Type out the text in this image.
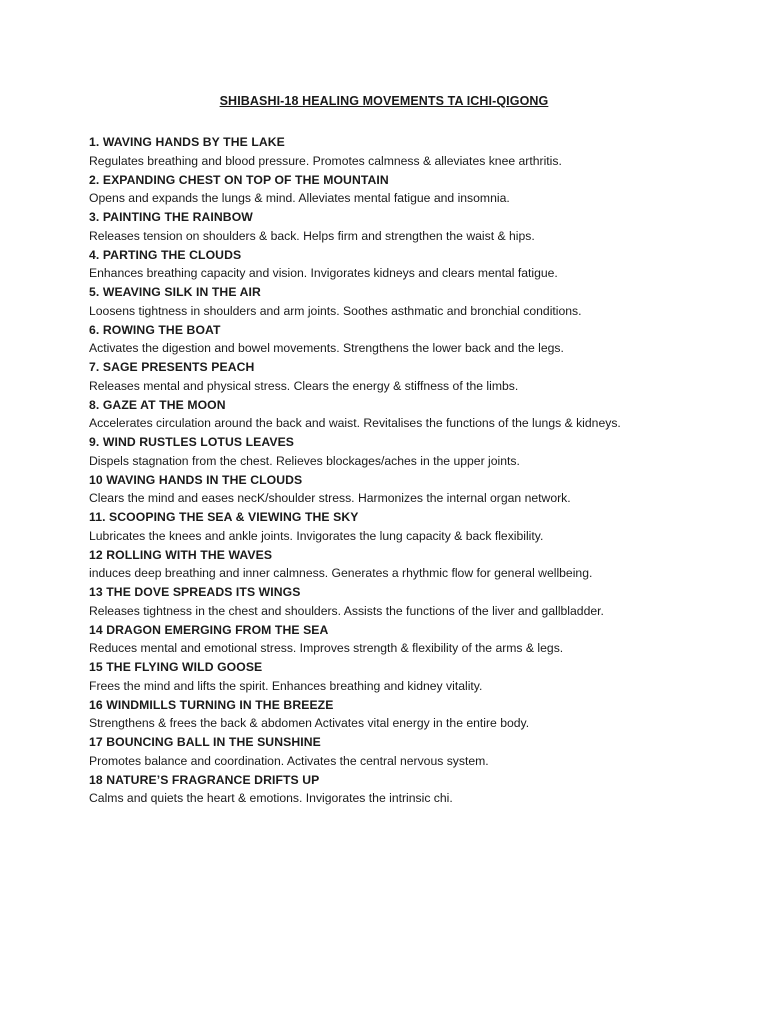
SHIBASHI-18 HEALING MOVEMENTS TA ICHI-QIGONG
1. WAVING HANDS BY THE LAKE
Regulates breathing and blood pressure. Promotes calmness & alleviates knee arthritis.
2. EXPANDING CHEST ON TOP OF THE MOUNTAIN
Opens and expands the lungs & mind. Alleviates mental fatigue and insomnia.
3. PAINTING THE RAINBOW
Releases tension on shoulders & back. Helps firm and strengthen the waist & hips.
4. PARTING THE CLOUDS
Enhances breathing capacity and vision. Invigorates kidneys and clears mental fatigue.
5. WEAVING SILK IN THE AIR
Loosens tightness in shoulders and arm joints. Soothes asthmatic and bronchial conditions.
6. ROWING THE BOAT
Activates the digestion and bowel movements. Strengthens the lower back and the legs.
7. SAGE PRESENTS PEACH
Releases mental and physical stress. Clears the energy & stiffness of the limbs.
8. GAZE AT THE MOON
Accelerates circulation around the back and waist. Revitalises the functions of the lungs & kidneys.
9. WIND RUSTLES LOTUS LEAVES
Dispels stagnation from the chest. Relieves blockages/aches in the upper joints.
10 WAVING HANDS IN THE CLOUDS
Clears the mind and eases necK/shoulder stress. Harmonizes the internal organ network.
11. SCOOPING THE SEA & VIEWING THE SKY
Lubricates the knees and ankle joints. Invigorates the lung capacity & back flexibility.
12 ROLLING WITH THE WAVES
induces deep breathing and inner calmness. Generates a rhythmic flow for general wellbeing.
13 THE DOVE SPREADS ITS WINGS
Releases tightness in the chest and shoulders. Assists the functions of the liver and gallbladder.
14 DRAGON EMERGING FROM THE SEA
Reduces mental and emotional stress. Improves strength & flexibility of the arms & legs.
15 THE FLYING WILD GOOSE
Frees the mind and lifts the spirit. Enhances breathing and kidney vitality.
16 WINDMILLS TURNING IN THE BREEZE
Strengthens & frees the back & abdomen Activates vital energy in the entire body.
17 BOUNCING BALL IN THE SUNSHINE
Promotes balance and coordination. Activates the central nervous system.
18 NATURE’S FRAGRANCE DRIFTS UP
Calms and quiets the heart & emotions. Invigorates the intrinsic chi.
